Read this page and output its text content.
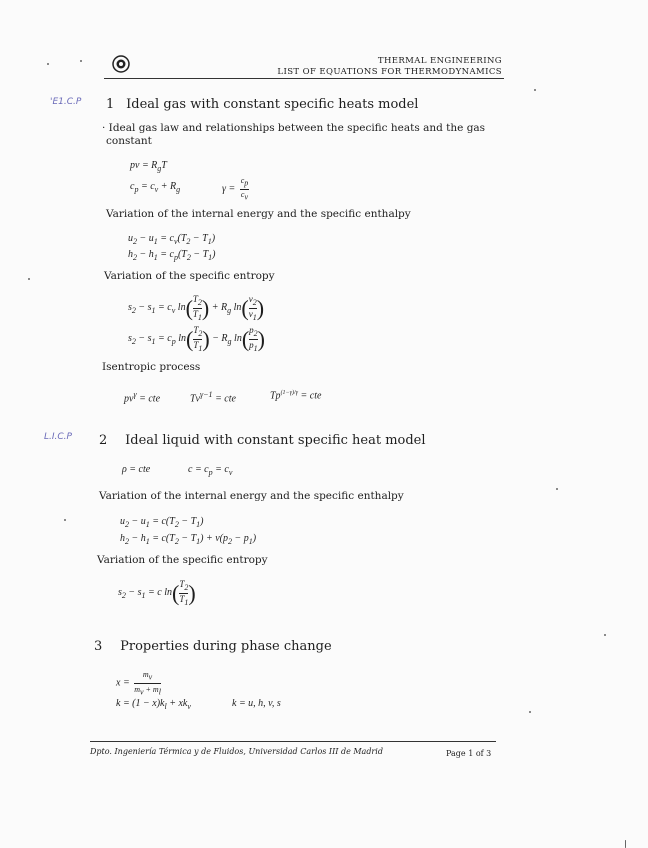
THERMAL ENGINEERING
LIST OF EQUATIONS FOR THERMODYNAMICS
'E1.C.P
L.I.C.P
1 Ideal gas with constant specific heats model
· Ideal gas law and relationships between the specific heats and the gas
constant
pv = $R_gT$
$c_p = c_v + R_g$	$\gamma = \frac{c_p}{c_v}$
Variation of the internal energy and the specific enthalpy
$u_2 - u_1 = c_v(T_2 - T_1)$
$h_2 - h_1 = c_p(T_2 - T_1)$
Variation of the specific entropy
$s_2 - s_1 = c_v$ $\ln( \frac{T_2}{T_1}$ ) + $R_g$ $\ln( \frac{v_2}{v_1}$ )
$s_2 - s_1 = c_p$ $\ln( \frac{T_2}{T_1}$ ) − $R_g$ $\ln( \frac{p_2}{p_1}$ )
Isentropic process
$pv^\gamma$ = cte	$Tv^{\gamma-1}$ = cte	$Tp^{(1-\gamma)/\gamma}$ = cte
2 Ideal liquid with constant specific heat model
ρ = cte	$c = c_p = c_v$
Variation of the internal energy and the specific enthalpy
$u_2 - u_1 = c(T_2 - T_1)$
$h_2 - h_1 = c(T_2 - T_1) + v(p_2 - p_1)$
Variation of the specific entropy
$s_2 - s_1 = c$ $\ln( \frac{T_2}{T_1}$ )
3 Properties during phase change
$x = \frac{m_v}{m_v + m_l}$
$k = (1 - x)k_l + xk_v$	k = u, h, v, s
Dpto. Ingeniería Térmica y de Fluidos, Universidad Carlos III de Madrid	Page 1 of 3
